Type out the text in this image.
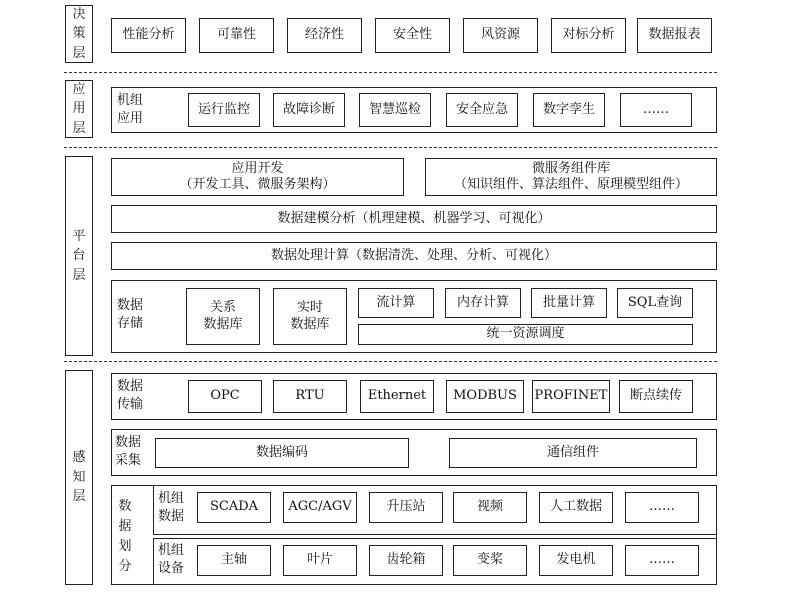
决
策
层
性能分析	可靠性	经济性	安全性	风资源	对标分析	数据报表
应
用
层
机组
应用
运行监控	故障诊断	智慧巡检	安全应急	数字孪生	……
平
台
层
应用开发
（开发工具、微服务架构）
微服务组件库
（知识组件、算法组件、原理模型组件）
数据建模分析（机理建模、机器学习、可视化）
数据处理计算（数据清洗、处理、分析、可视化）
数据
存储
关系
数据库
实时
数据库
流计算	内存计算	批量计算	SQL查询
统一资源调度
感
知
层
数据
传输
OPC	RTU	Ethernet	MODBUS	PROFINET	断点续传
数据
采集
数据编码	通信组件
数
据
划
分
机组
数据
SCADA	AGC/AGV	升压站	视频	人工数据	……
机组
设备
主轴	叶片	齿轮箱	变桨	发电机	……
